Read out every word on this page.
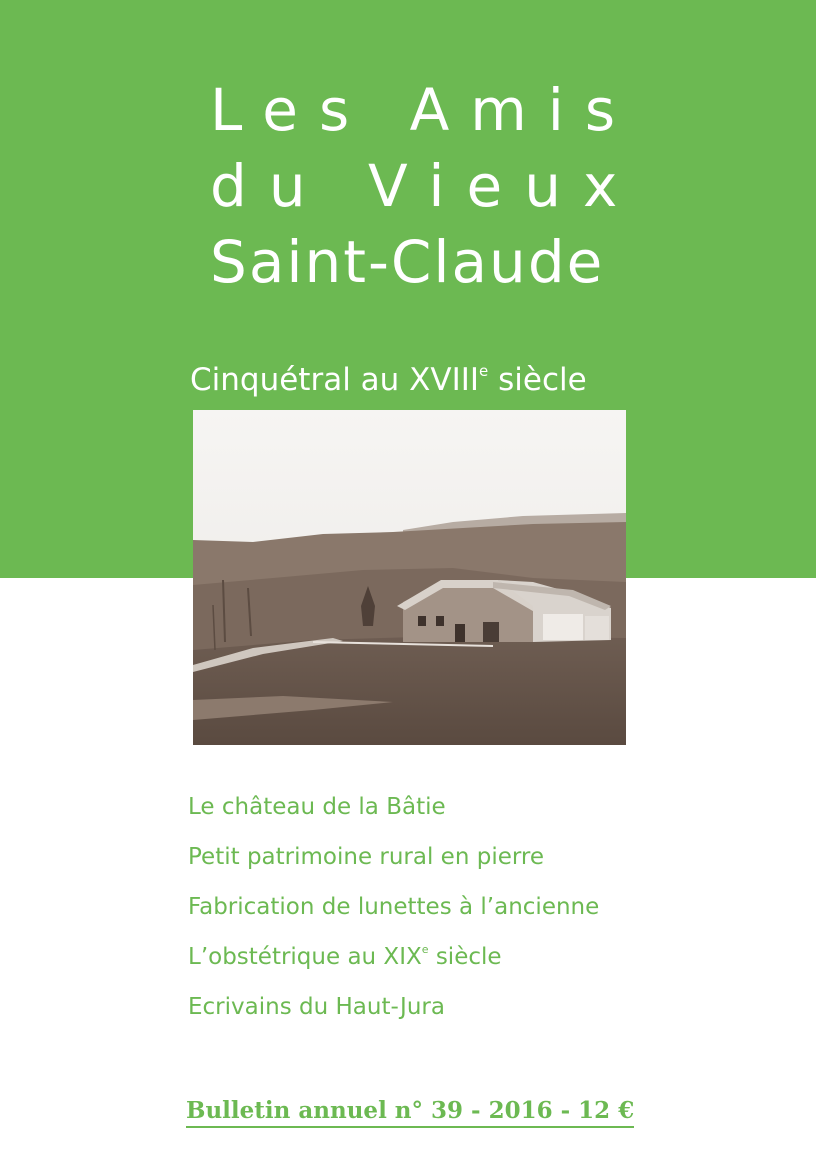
Les Amis
du Vieux
Saint-Claude
Cinquétral au XVIIIe siècle
Le château de la Bâtie
Petit patrimoine rural en pierre
Fabrication de lunettes à l’ancienne
L’obstétrique au XIXe siècle
Ecrivains du Haut-Jura
Bulletin annuel n° 39 - 2016 - 12 €
